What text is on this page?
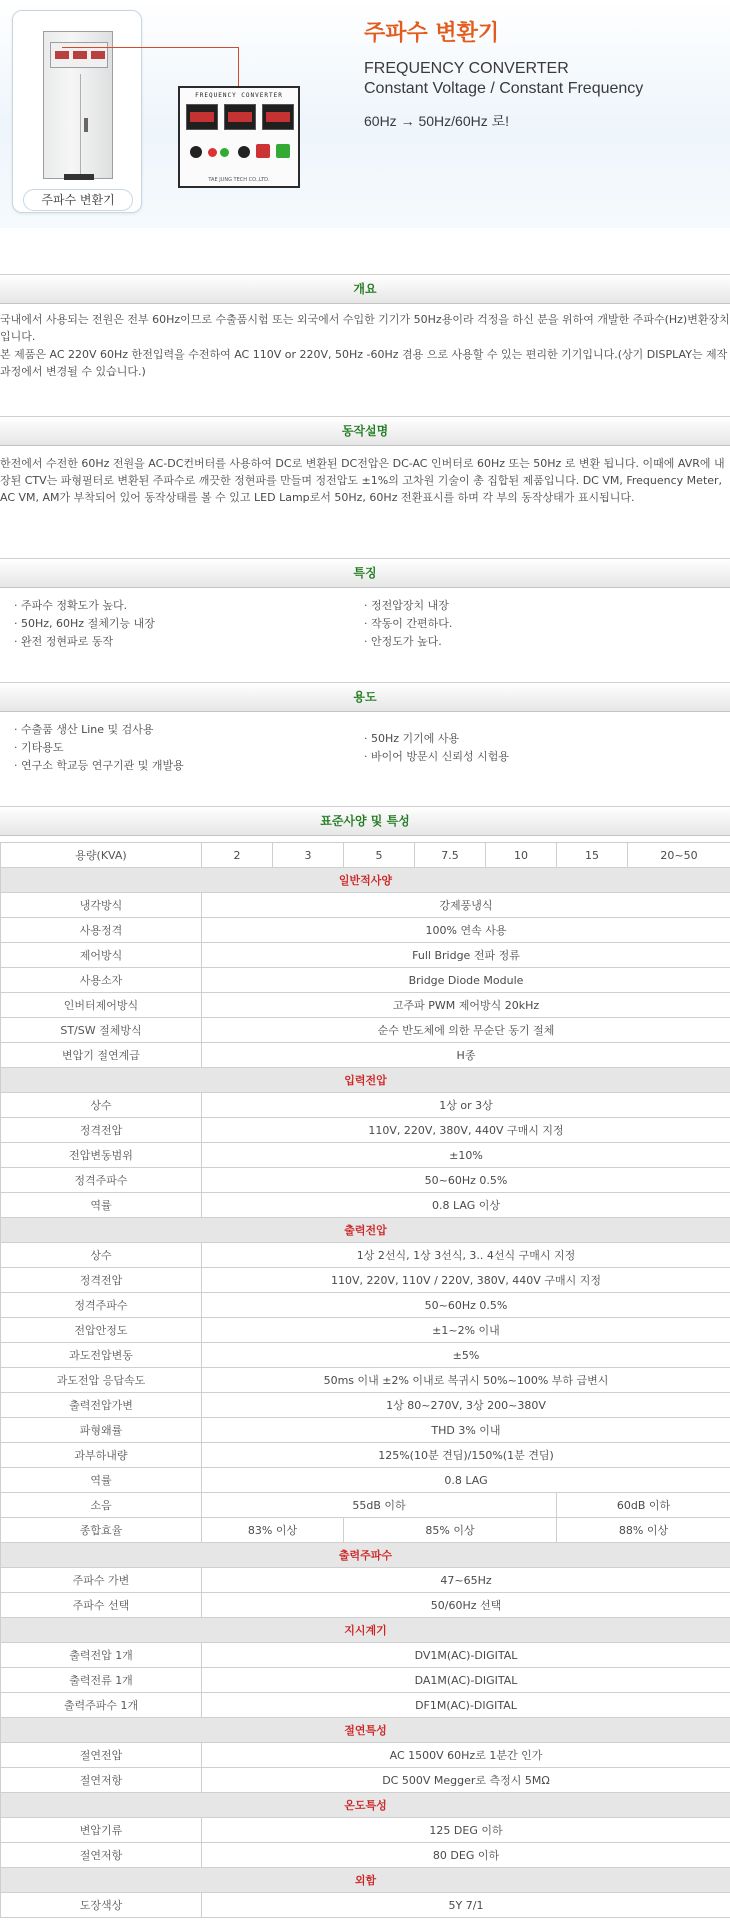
주파수 변환기
FREQUENCY CONVERTER
TAE JUNG TECH CO.,LTD.
주파수 변환기
FREQUENCY CONVERTER
Constant Voltage / Constant Frequency
60Hz → 50Hz/60Hz 로!
개요
국내에서 사용되는 전원은 전부 60Hz이므로 수출품시험 또는 외국에서 수입한 기기가 50Hz용이라 걱정을 하신 분을 위하여 개발한 주파수(Hz)변환장치입니다.
본 제품은 AC 220V 60Hz 한전입력을 수전하여 AC 110V or 220V, 50Hz -60Hz 겸용 으로 사용할 수 있는 편리한 기기입니다.(상기 DISPLAY는 제작과정에서 변경될 수 있습니다.)
동작설명
한전에서 수전한 60Hz 전원을 AC-DC컨버터를 사용하여 DC로 변환된 DC전압은 DC-AC 인버터로 60Hz 또는 50Hz 로 변환 됩니다. 이때에 AVR에 내장된 CTV는 파형필터로 변환된 주파수로 깨끗한 정현파를 만들며 정전압도 ±1%의 고차원 기술이 총 집합된 제품입니다. DC VM, Frequency Meter, AC VM, AM가 부착되어 있어 동작상태를 볼 수 있고 LED Lamp로서 50Hz, 60Hz 전환표시를 하며 각 부의 동작상태가 표시됩니다.
특징
· 주파수 정확도가 높다.
· 50Hz, 60Hz 절체기능 내장
· 완전 정현파로 동작
· 정전압장치 내장
· 작동이 간편하다.
· 안정도가 높다.
용도
· 수출품 생산 Line 및 검사용
· 기타용도
· 연구소 학교등 연구기관 및 개발용
· 50Hz 기기에 사용
· 바이어 방문시 신뢰성 시험용
표준사양 및 특성
용량(KVA)	2	3	5	7.5	10	15	20~50
일반적사양							
냉각방식	강제풍냉식						
사용정격	100% 연속 사용						
제어방식	Full Bridge 전파 정류						
사용소자	Bridge Diode Module						
인버터제어방식	고주파 PWM 제어방식 20kHz						
ST/SW 절체방식	순수 반도체에 의한 무순단 동기 절체						
변압기 절연계급	H종						
입력전압							
상수	1상 or 3상						
정격전압	110V, 220V, 380V, 440V 구매시 지정						
전압변동범위	±10%						
정격주파수	50~60Hz 0.5%						
역률	0.8 LAG 이상						
출력전압							
상수	1상 2선식, 1상 3선식, 3.. 4선식 구매시 지정						
정격전압	110V, 220V, 110V / 220V, 380V, 440V 구매시 지정						
정격주파수	50~60Hz 0.5%						
전압안정도	±1~2% 이내						
과도전압변동	±5%						
과도전압 응답속도	50ms 이내 ±2% 이내로 복귀시 50%~100% 부하 급변시						
출력전압가변	1상 80~270V, 3상 200~380V						
파형왜률	THD 3% 이내						
과부하내량	125%(10분 견딤)/150%(1분 견딤)						
역률	0.8 LAG						
소음	55dB 이하					60dB 이하	
종합효율	83% 이상		85% 이상			88% 이상	
출력주파수							
주파수 가변	47~65Hz						
주파수 선택	50/60Hz 선택						
지시계기							
출력전압 1개	DV1M(AC)-DIGITAL						
출력전류 1개	DA1M(AC)-DIGITAL						
출력주파수 1개	DF1M(AC)-DIGITAL						
절연특성							
절연전압	AC 1500V 60Hz로 1분간 인가						
절연저항	DC 500V Megger로 측정시 5MΩ						
온도특성							
변압기류	125 DEG 이하						
절연저항	80 DEG 이하						
외함							
도장색상	5Y 7/1						
